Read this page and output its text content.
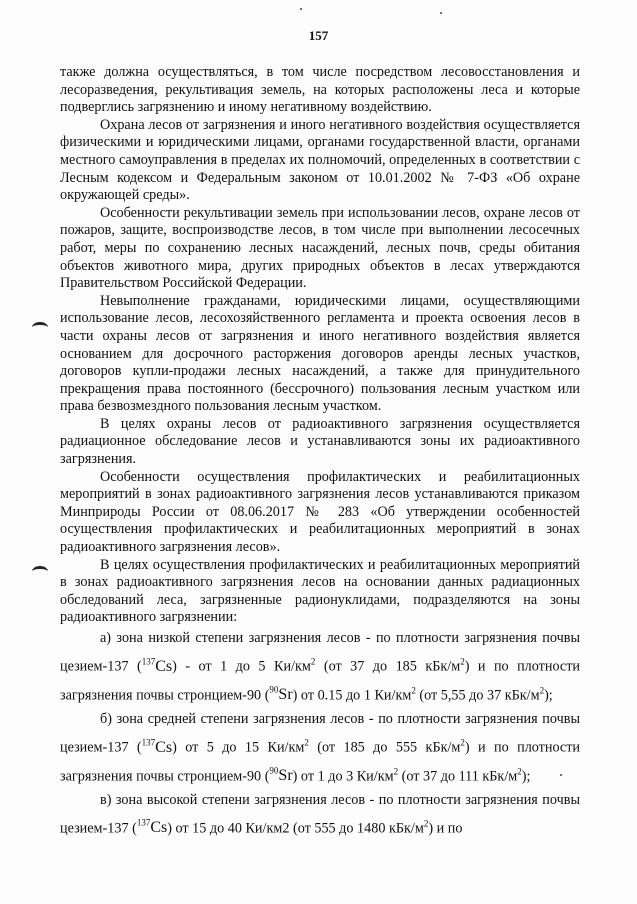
157

также должна осуществляться, в том числе посредством лесовосстановления и лесоразведения, рекультивация земель, на которых расположены леса и которые подверглись загрязнению и иному негативному воздействию.

Охрана лесов от загрязнения и иного негативного воздействия осуществляется физическими и юридическими лицами, органами государственной власти, органами местного самоуправления в пределах их полномочий, определенных в соответствии с Лесным кодексом и Федеральным законом от 10.01.2002 № 7-ФЗ «Об охране окружающей среды».

Особенности рекультивации земель при использовании лесов, охране лесов от пожаров, защите, воспроизводстве лесов, в том числе при выполнении лесосечных работ, меры по сохранению лесных насаждений, лесных почв, среды обитания объектов животного мира, других природных объектов в лесах утверждаются Правительством Российской Федерации.

Невыполнение гражданами, юридическими лицами, осуществляющими использование лесов, лесохозяйственного регламента и проекта освоения лесов в части охраны лесов от загрязнения и иного негативного воздействия является основанием для досрочного расторжения договоров аренды лесных участков, договоров купли-продажи лесных насаждений, а также для принудительного прекращения права постоянного (бессрочного) пользования лесным участком или права безвозмездного пользования лесным участком.

В целях охраны лесов от радиоактивного загрязнения осуществляется радиационное обследование лесов и устанавливаются зоны их радиоактивного загрязнения.

Особенности осуществления профилактических и реабилитационных мероприятий в зонах радиоактивного загрязнения лесов устанавливаются приказом Минприроды России от 08.06.2017 № 283 «Об утверждении особенностей осуществления профилактических и реабилитационных мероприятий в зонах радиоактивного загрязнения лесов».

В целях осуществления профилактических и реабилитационных мероприятий в зонах радиоактивного загрязнения лесов на основании данных радиационных обследований леса, загрязненные радионуклидами, подразделяются на зоны радиоактивного загрязнении:

а) зона низкой степени загрязнения лесов - по плотности загрязнения почвы цезием-137 ($^{137}$Cs) - от 1 до 5 $Ки/км^2$ (от 37 до 185 кБк/$м^2$) и по плотности загрязнения почвы стронцием-90 ($^{90}$Sr) от 0.15 до 1 $Ки/км^2$ (от 5,55 до 37 кБк/$м^2$);

б) зона средней степени загрязнения лесов - по плотности загрязнения почвы цезием-137 ($^{137}$Cs) от 5 до 15 $Ки/км^2$ (от 185 до 555 кБк/$м^2$) и по плотности загрязнения почвы стронцием-90 ($^{90}$Sr) от 1 до 3 $Ки/км^2$ (от 37 до 111 кБк/$м^2$);

в) зона высокой степени загрязнения лесов - по плотности загрязнения почвы цезием-137 ($^{137}$Cs) от 15 до 40 Ки/км2 (от 555 до 1480 кБк/$м^2$) и по
